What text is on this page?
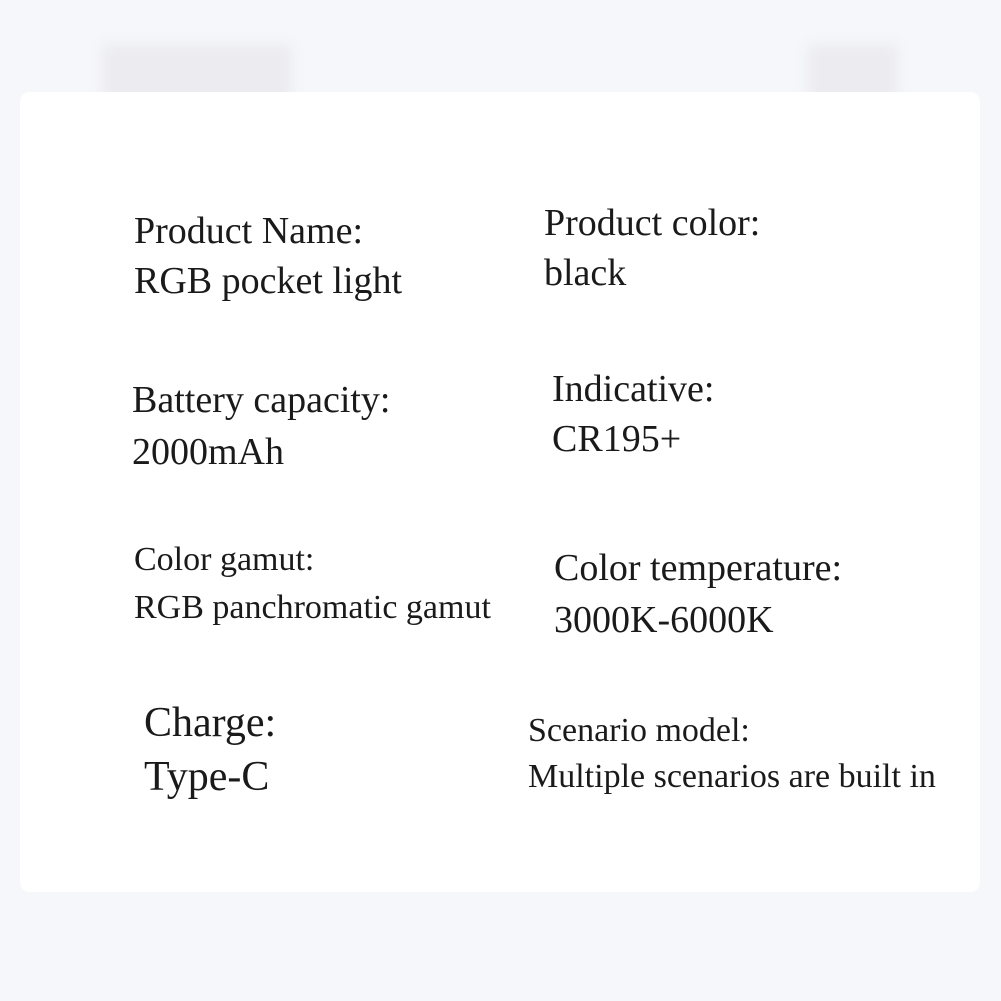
Product Name:
RGB pocket light
Product color:
black
Battery capacity:
2000mAh
Indicative:
CR195+
Color gamut:
RGB panchromatic gamut
Color temperature:
3000K-6000K
Charge:
Type-C
Scenario model:
Multiple scenarios are built in
